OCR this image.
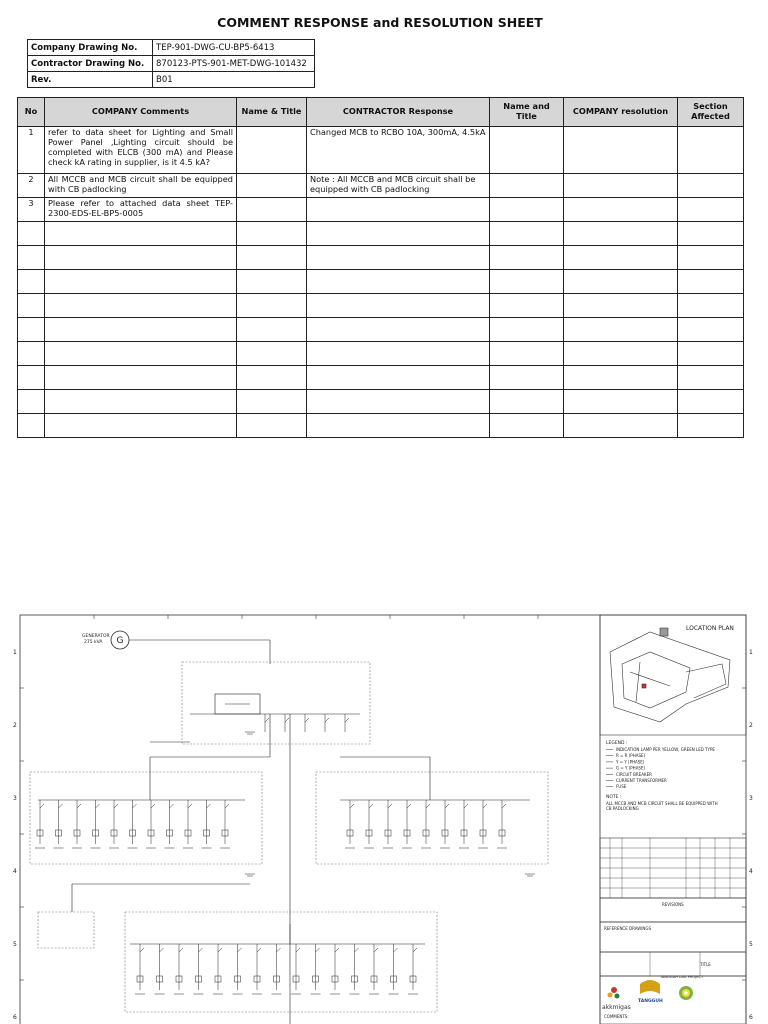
COMMENT RESPONSE and RESOLUTION SHEET
Company Drawing No.	TEP-901-DWG-CU-BP5-6413
Contractor Drawing No.	870123-PTS-901-MET-DWG-101432
Rev.	B01
No	COMPANY Comments	Name & Title	CONTRACTOR Response	Name and Title	COMPANY resolution	Section Affected
1	refer to data sheet for Lighting and Small Power Panel ,Lighting circuit should be completed with ELCB (300 mA) and Please check kA rating in supplier, is it 4.5 kA?		Changed MCB to RCBO 10A, 300mA, 4.5kA			
2	All MCCB and MCB circuit shall be equipped with CB padlocking		Note : All MCCB and MCB circuit shall be equipped with CB padlocking			
3	Please refer to attached data sheet TEP-2300-EDS-EL-BP5-0005					

1	1
2	2
3	3
4	4
5	5
6	6
G
GENERATOR 275 kVA
LOCATION PLAN
LEGEND :
INDICATION LAMP PER YELLOW, GREEN LED TYPE
R = R (PHASE)
Y = Y (PHASE)
G = Y (PHASE)
CIRCUIT BREAKER
CURRENT TRANSFORMER
FUSE
NOTE :
ALL MCCB AND MCB CIRCUIT SHALL BE EQUIPPED WITH CB PADLOCKING
REVISIONS
REFERENCE DRAWINGS
TITLE
TANGGUH LNG PROJECT
akkmigas
TANGGUH
COMMENTS:
